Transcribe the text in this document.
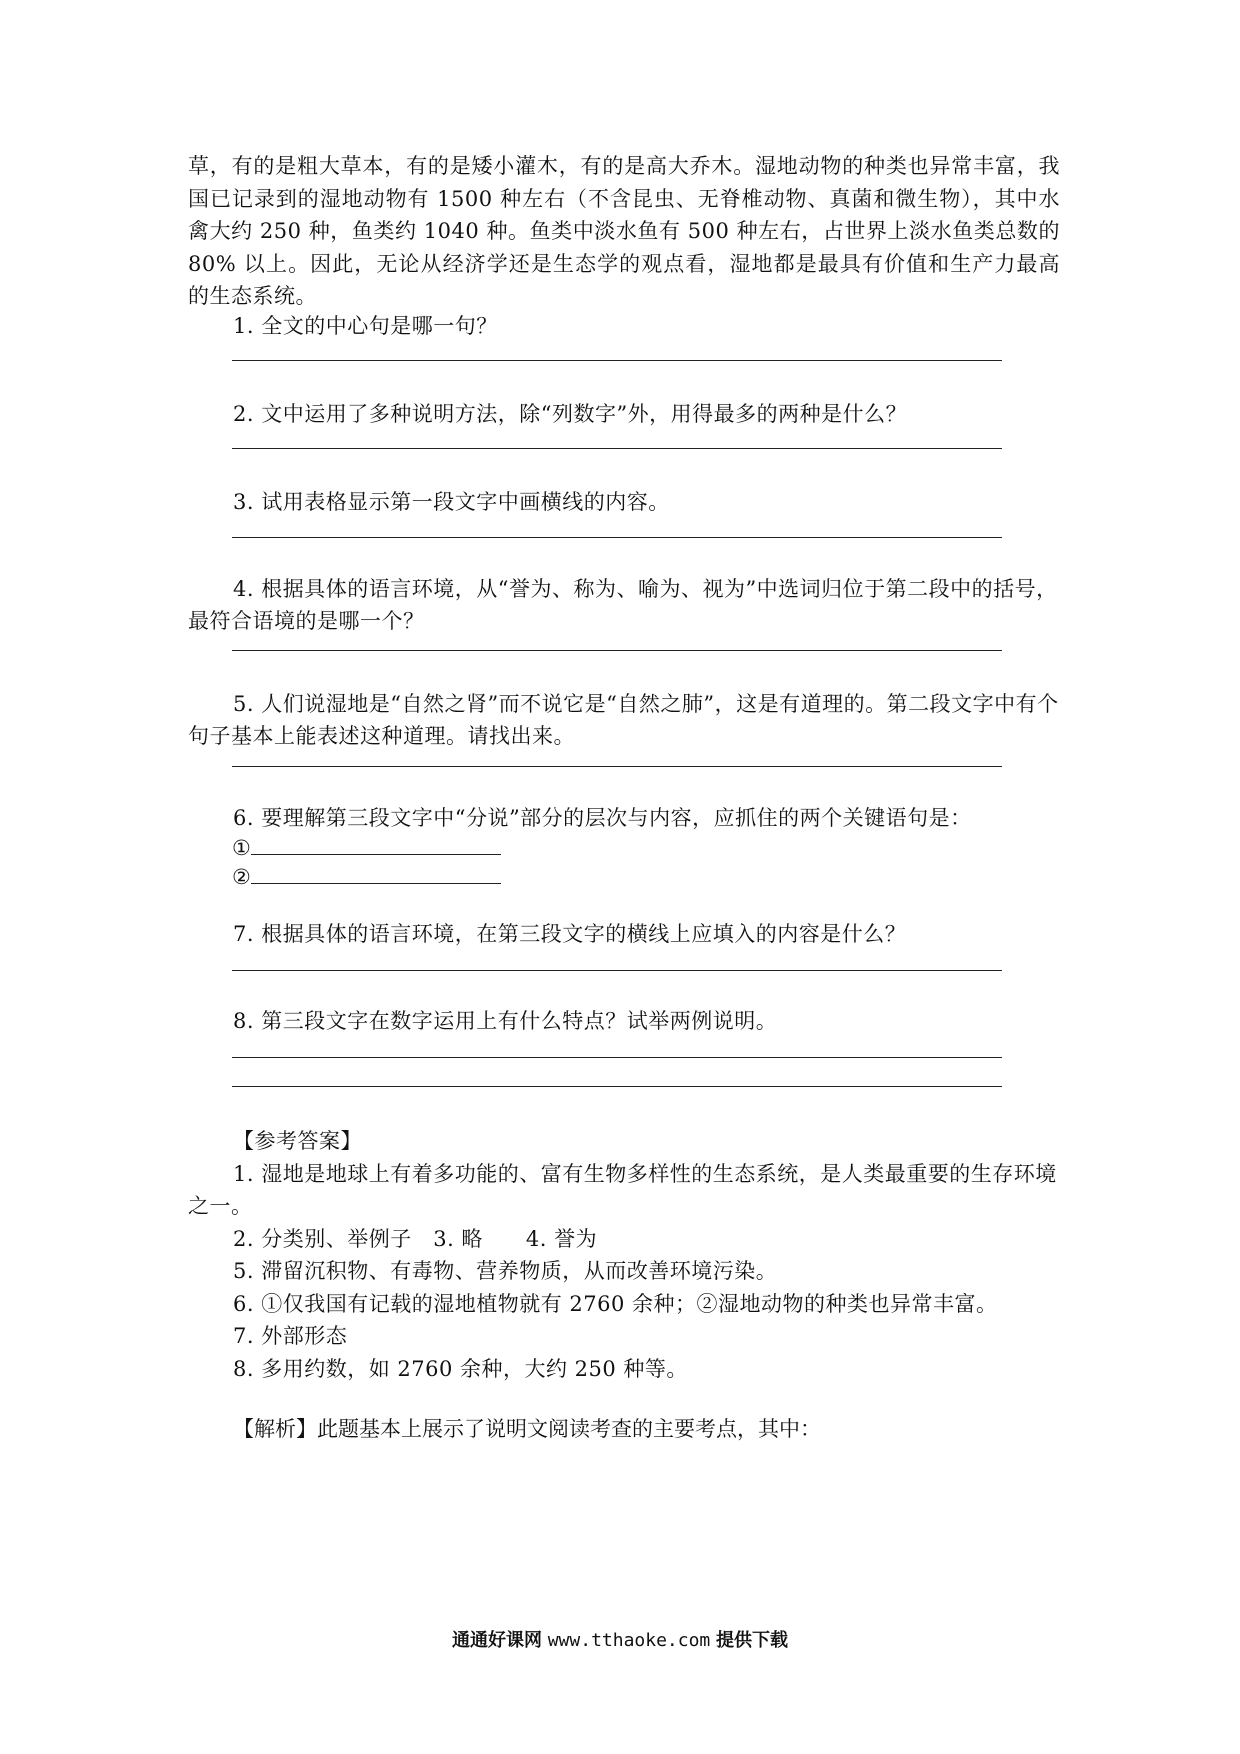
草，有的是粗大草本，有的是矮小灌木，有的是高大乔木。湿地动物的种类也异常丰富，我国已记录到的湿地动物有 1500 种左右（不含昆虫、无脊椎动物、真菌和微生物），其中水禽大约 250 种，鱼类约 1040 种。鱼类中淡水鱼有 500 种左右，占世界上淡水鱼类总数的 80% 以上。因此，无论从经济学还是生态学的观点看，湿地都是最具有价值和生产力最高的生态系统。
1. 全文的中心句是哪一句？
2. 文中运用了多种说明方法，除“列数字”外，用得最多的两种是什么？
3. 试用表格显示第一段文字中画横线的内容。
4. 根据具体的语言环境，从“誉为、称为、喻为、视为”中选词归位于第二段中的括号，最符合语境的是哪一个？
5. 人们说湿地是“自然之肾”而不说它是“自然之肺”，这是有道理的。第二段文字中有个句子基本上能表述这种道理。请找出来。
6. 要理解第三段文字中“分说”部分的层次与内容，应抓住的两个关键语句是：
①
②
7. 根据具体的语言环境，在第三段文字的横线上应填入的内容是什么？
8. 第三段文字在数字运用上有什么特点？试举两例说明。
【参考答案】
1. 湿地是地球上有着多功能的、富有生物多样性的生态系统，是人类最重要的生存环境之一。
2. 分类别、举例子　3. 略　　4. 誉为
5. 滞留沉积物、有毒物、营养物质，从而改善环境污染。
6. ①仅我国有记载的湿地植物就有 2760 余种；②湿地动物的种类也异常丰富。
7. 外部形态
8. 多用约数，如 2760 余种，大约 250 种等。
【解析】此题基本上展示了说明文阅读考查的主要考点，其中：
通通好课网 www.tthaoke.com 提供下载
